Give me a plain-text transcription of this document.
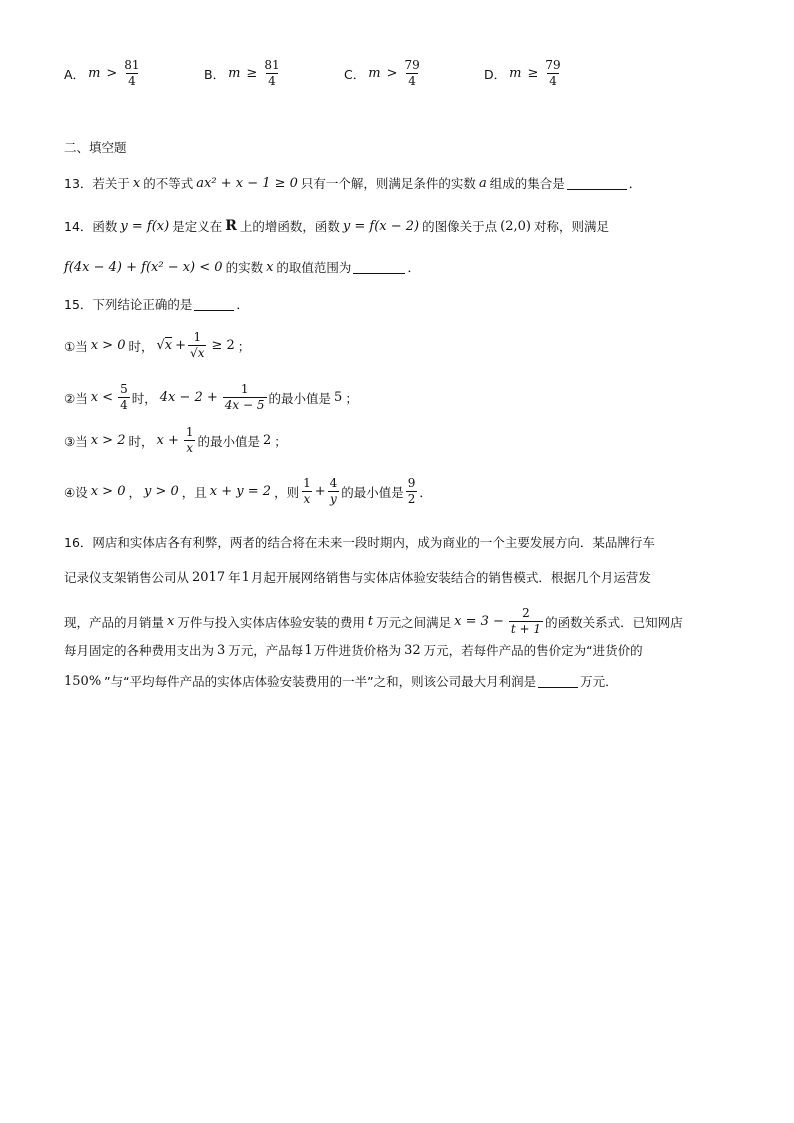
A． $m > \frac{81}{4}$	B． $m \ge \frac{81}{4}$	C． $m > \frac{79}{4}$	D． $m \ge \frac{79}{4}$
二、填空题
13． 若关于 x 的不等式 ax² + x − 1 ≥ 0 只有一个解，则满足条件的实数 a 组成的集合是	．
14． 函数 y = f(x) 是定义在 R 上的增函数，函数 y = f(x − 2) 的图像关于点 (2,0) 对称，则满足
f(4x − 4) + f(x² − x) < 0 的实数 x 的取值范围为	．
15． 下列结论正确的是	．
①当 x > 0 时， $√x + \frac{1}{√x} \ge 2$ ；
②当 $x < \frac{5}{4}$ 时， $4x - 2 + \frac{1}{4x - 5}$ 的最小值是 5 ；
③当 x > 2 时， $x + \frac{1}{x}$ 的最小值是 2 ；
④设 x > 0 ， y > 0 ，且 x + y = 2 ，则 $\frac{1}{x} + \frac{4}{y}$ 的最小值是 $\frac{9}{2}$ ．
16． 网店和实体店各有利弊，两者的结合将在未来一段时期内，成为商业的一个主要发展方向．某品牌行车
记录仪支架销售公司从 2017 年 1 月起开展网络销售与实体店体验安装结合的销售模式．根据几个月运营发
现，产品的月销量 x 万件与投入实体店体验安装的费用 t 万元之间满足 $x = 3 - \frac{2}{t + 1}$ 的函数关系式．已知网店
每月固定的各种费用支出为 3 万元，产品每 1 万件进货价格为 32 万元，若每件产品的售价定为“进货价的
150% ”与“平均每件产品的实体店体验安装费用的一半”之和，则该公司最大月利润是	万元．
